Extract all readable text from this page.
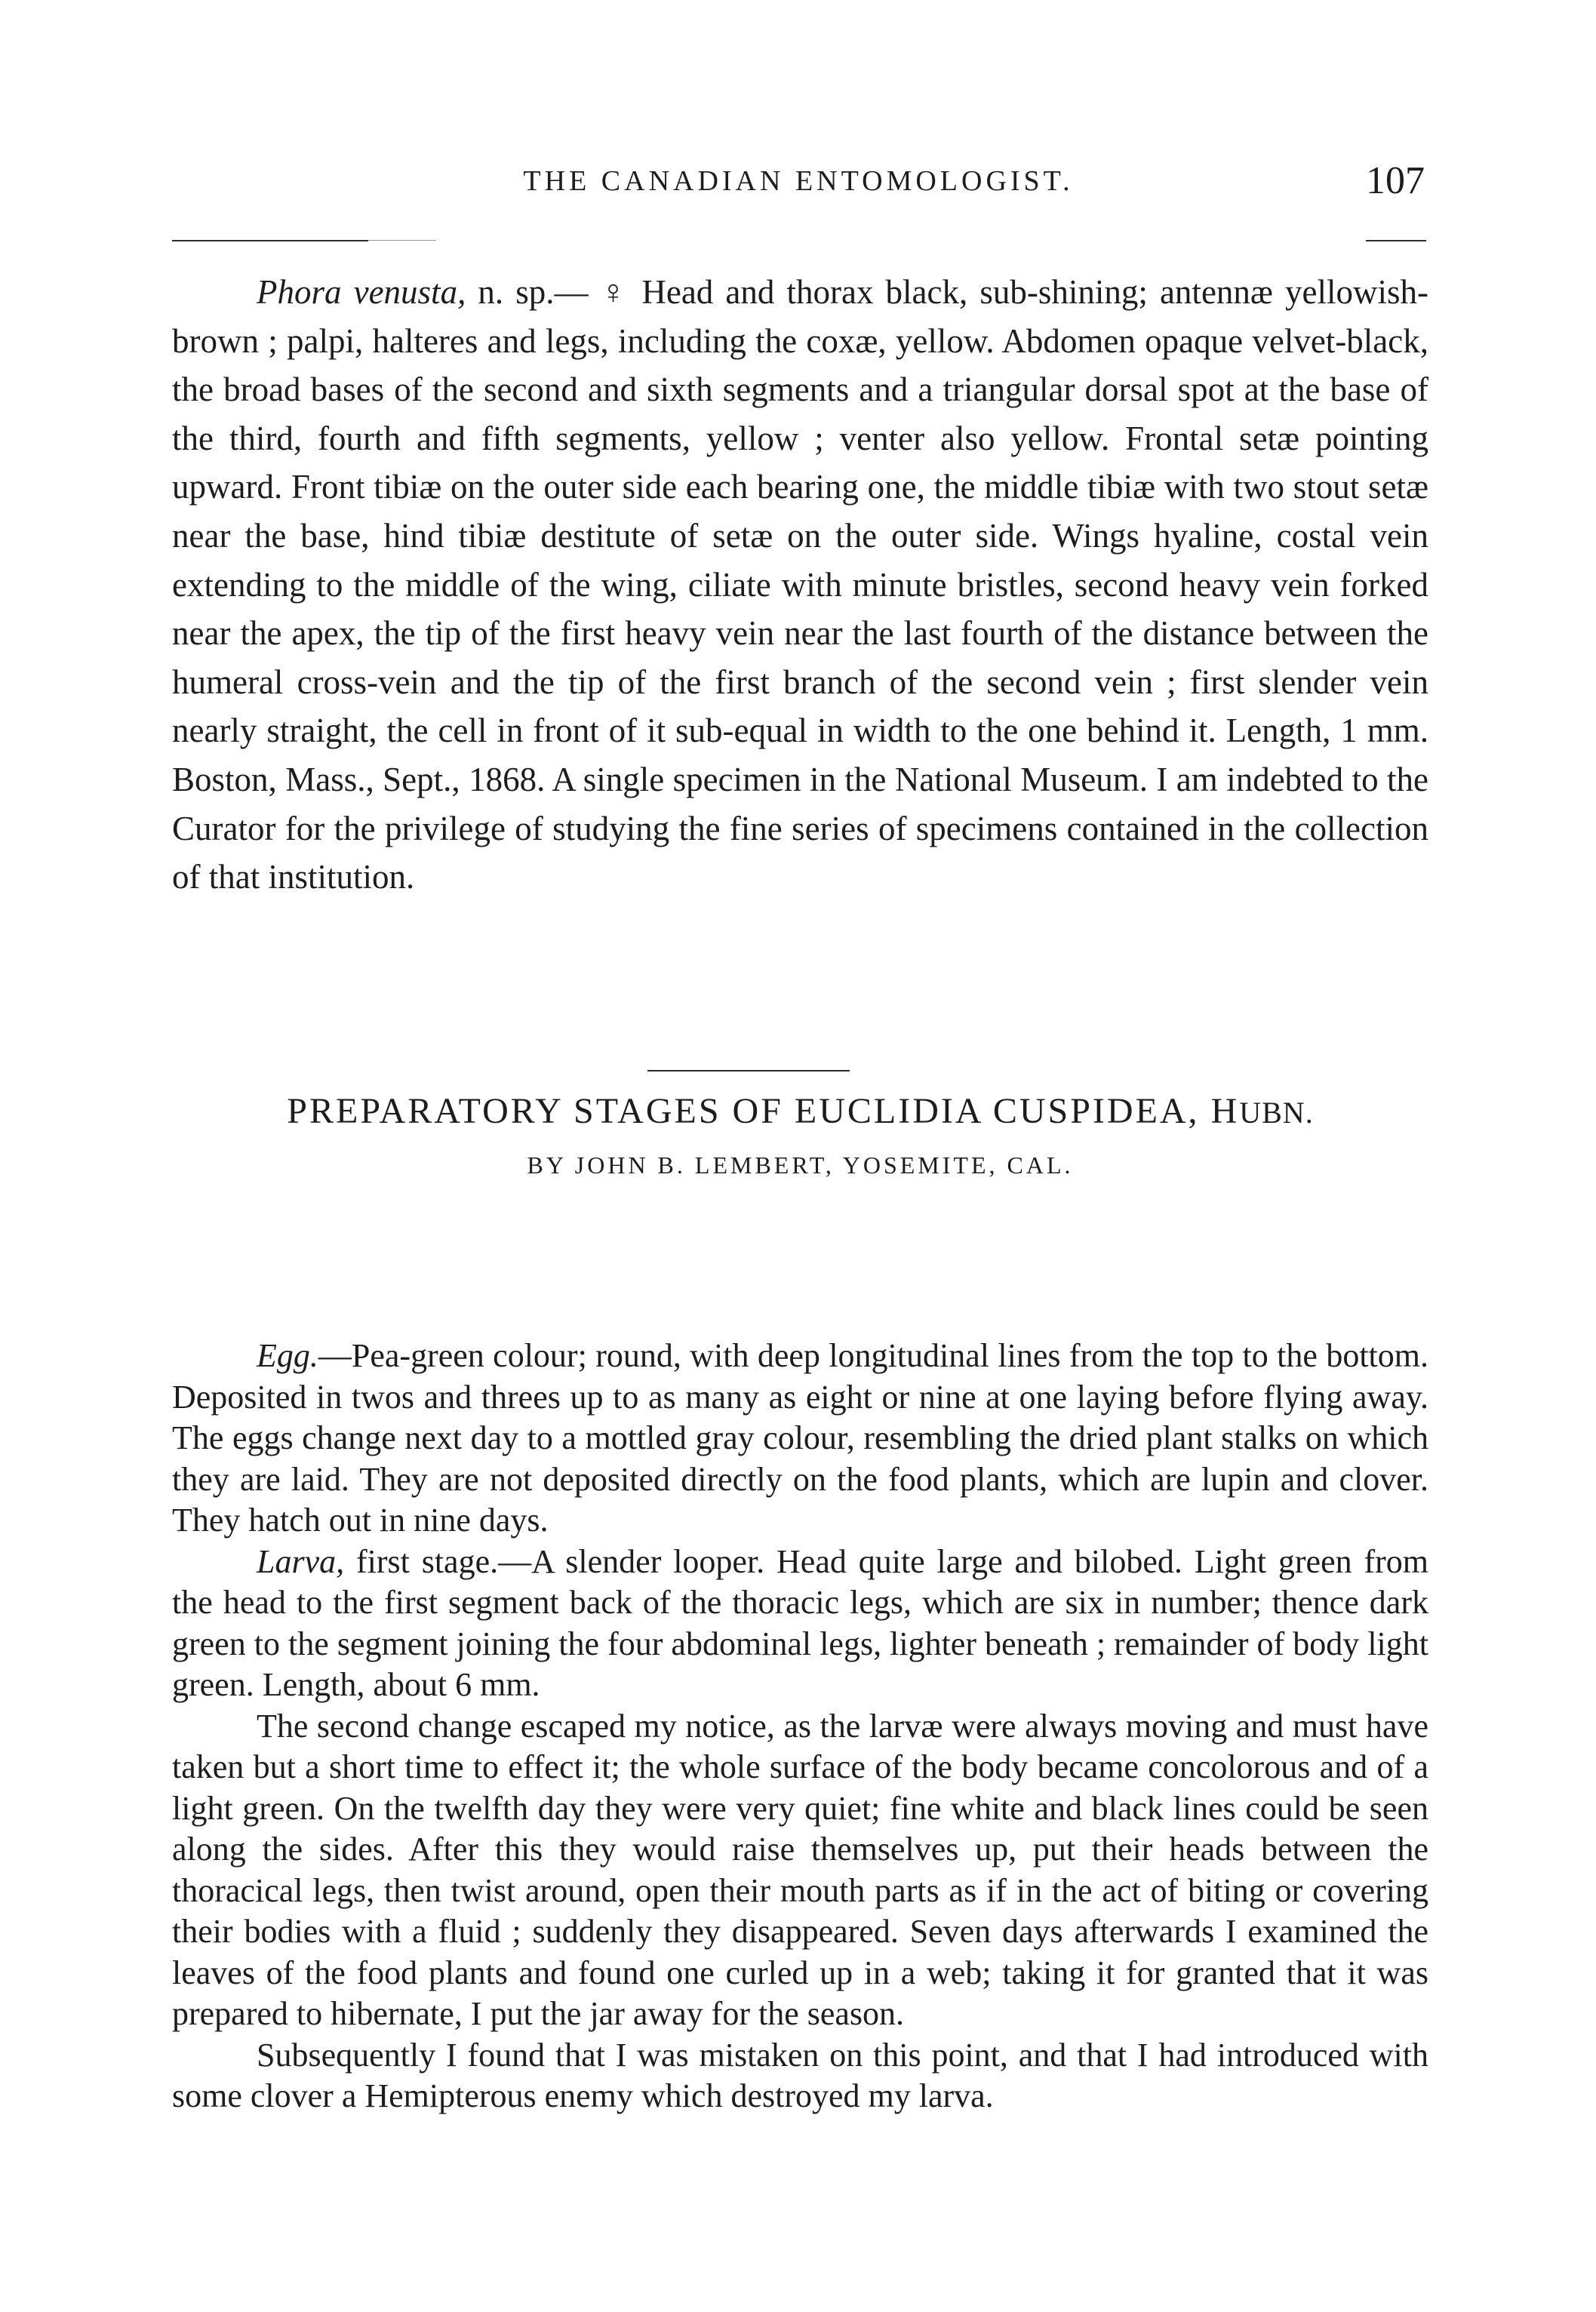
THE CANADIAN ENTOMOLOGIST.	107

Phora venusta, n. sp.— ♀ Head and thorax black, sub-shining; antennæ yellowish-brown ; palpi, halteres and legs, including the coxæ, yellow. Abdomen opaque velvet-black, the broad bases of the second and sixth segments and a triangular dorsal spot at the base of the third, fourth and fifth segments, yellow ; venter also yellow. Frontal setæ pointing upward. Front tibiæ on the outer side each bearing one, the middle tibiæ with two stout setæ near the base, hind tibiæ destitute of setæ on the outer side. Wings hyaline, costal vein extending to the middle of the wing, ciliate with minute bristles, second heavy vein forked near the apex, the tip of the first heavy vein near the last fourth of the distance between the humeral cross-vein and the tip of the first branch of the second vein ; first slender vein nearly straight, the cell in front of it sub-equal in width to the one behind it. Length, 1 mm. Boston, Mass., Sept., 1868. A single specimen in the National Museum. I am indebted to the Curator for the privilege of studying the fine series of specimens contained in the collection of that institution.

PREPARATORY STAGES OF EUCLIDIA CUSPIDEA, HUBN.
BY JOHN B. LEMBERT, YOSEMITE, CAL.

Egg.—Pea-green colour; round, with deep longitudinal lines from the top to the bottom. Deposited in twos and threes up to as many as eight or nine at one laying before flying away. The eggs change next day to a mottled gray colour, resembling the dried plant stalks on which they are laid. They are not deposited directly on the food plants, which are lupin and clover. They hatch out in nine days.

Larva, first stage.—A slender looper. Head quite large and bilobed. Light green from the head to the first segment back of the thoracic legs, which are six in number; thence dark green to the segment joining the four abdominal legs, lighter beneath ; remainder of body light green. Length, about 6 mm.

The second change escaped my notice, as the larvæ were always moving and must have taken but a short time to effect it; the whole surface of the body became concolorous and of a light green. On the twelfth day they were very quiet; fine white and black lines could be seen along the sides. After this they would raise themselves up, put their heads between the thoracical legs, then twist around, open their mouth parts as if in the act of biting or covering their bodies with a fluid ; suddenly they disappeared. Seven days afterwards I examined the leaves of the food plants and found one curled up in a web; taking it for granted that it was prepared to hibernate, I put the jar away for the season.

Subsequently I found that I was mistaken on this point, and that I had introduced with some clover a Hemipterous enemy which destroyed my larva.
